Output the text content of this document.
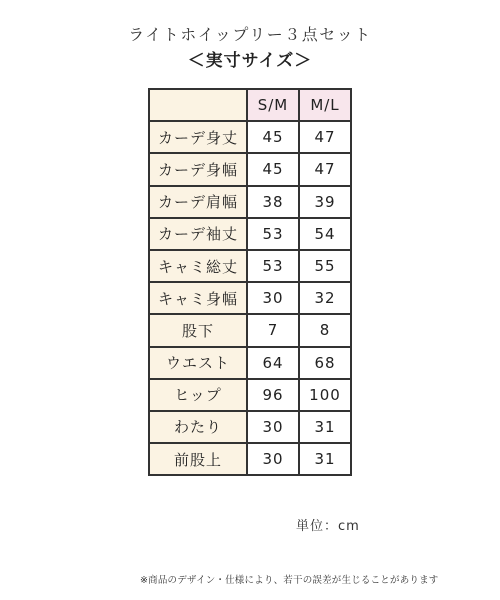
ライトホイップリー３点セット
＜実寸サイズ＞
	S/M	M/L
カーデ身丈	45	47
カーデ身幅	45	47
カーデ肩幅	38	39
カーデ袖丈	53	54
キャミ総丈	53	55
キャミ身幅	30	32
股下	7	8
ウエスト	64	68
ヒップ	96	100
わたり	30	31
前股上	30	31
単位：cm
※商品のデザイン・仕様により、若干の誤差が生じることがあります
